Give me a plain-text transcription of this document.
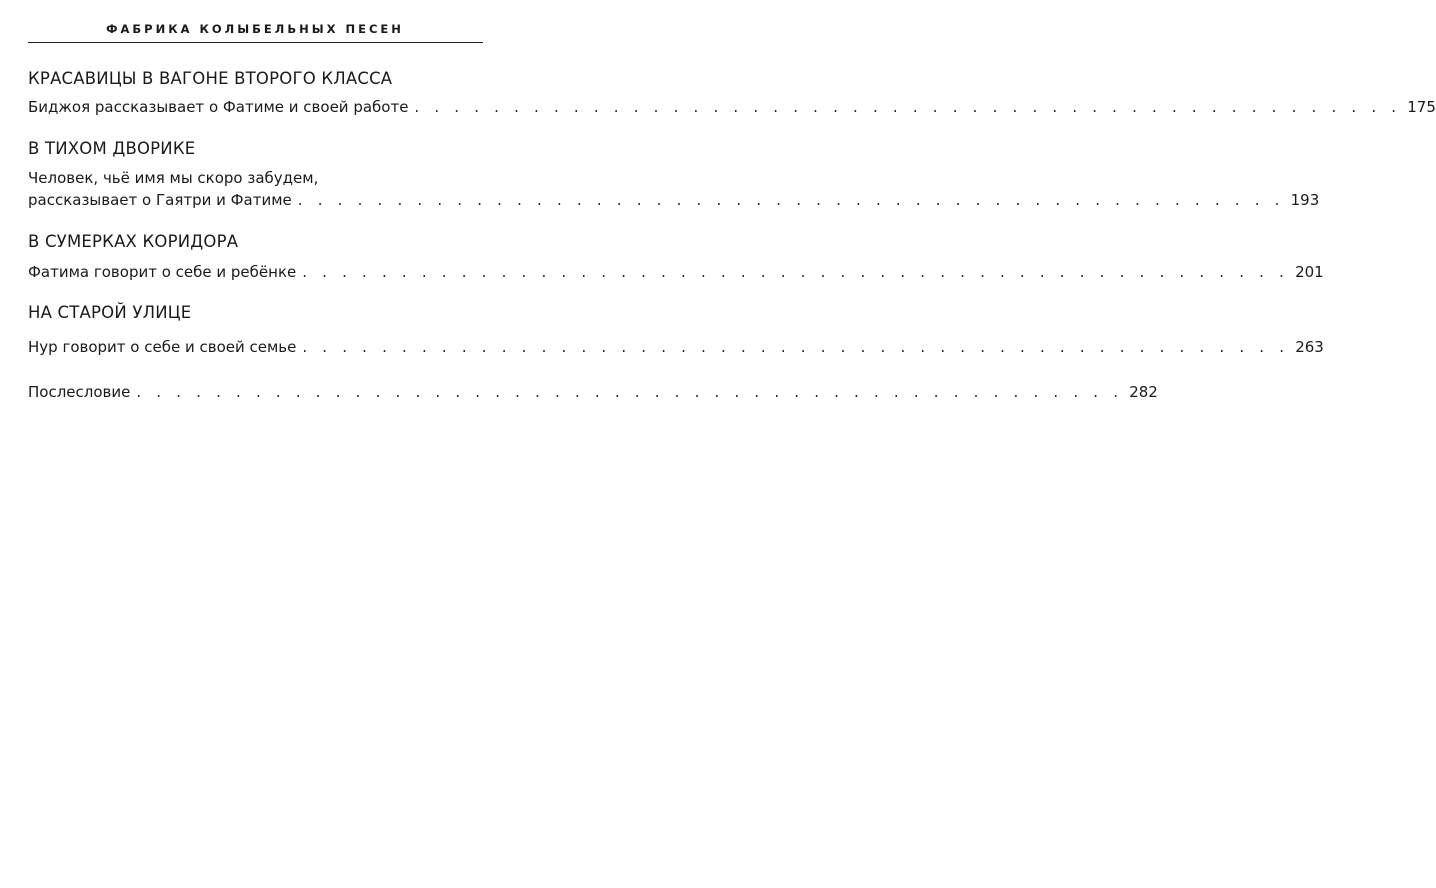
ФАБРИКА КОЛЫБЕЛЬНЫХ ПЕСЕН
КРАСАВИЦЫ В ВАГОНЕ ВТОРОГО КЛАССА
Биджоя рассказывает о Фатиме и своей работе . . . . . . . . . . . . . . . . . . . . . . . . . . . . . . . . . . . . . . . . . . . . . . . . . . 175
В ТИХОМ ДВОРИКЕ
Человек, чьё имя мы скоро забудем,
рассказывает о Гаятри и Фатиме . . . . . . . . . . . . . . . . . . . . . . . . . . . . . . . . . . . . . . . . . . . . . . . . . . 193
В СУМЕРКАХ КОРИДОРА
Фатима говорит о себе и ребёнке . . . . . . . . . . . . . . . . . . . . . . . . . . . . . . . . . . . . . . . . . . . . . . . . . . 201
НА СТАРОЙ УЛИЦЕ
Нур говорит о себе и своей семье . . . . . . . . . . . . . . . . . . . . . . . . . . . . . . . . . . . . . . . . . . . . . . . . . . 263
Послесловие . . . . . . . . . . . . . . . . . . . . . . . . . . . . . . . . . . . . . . . . . . . . . . . . . . 282
